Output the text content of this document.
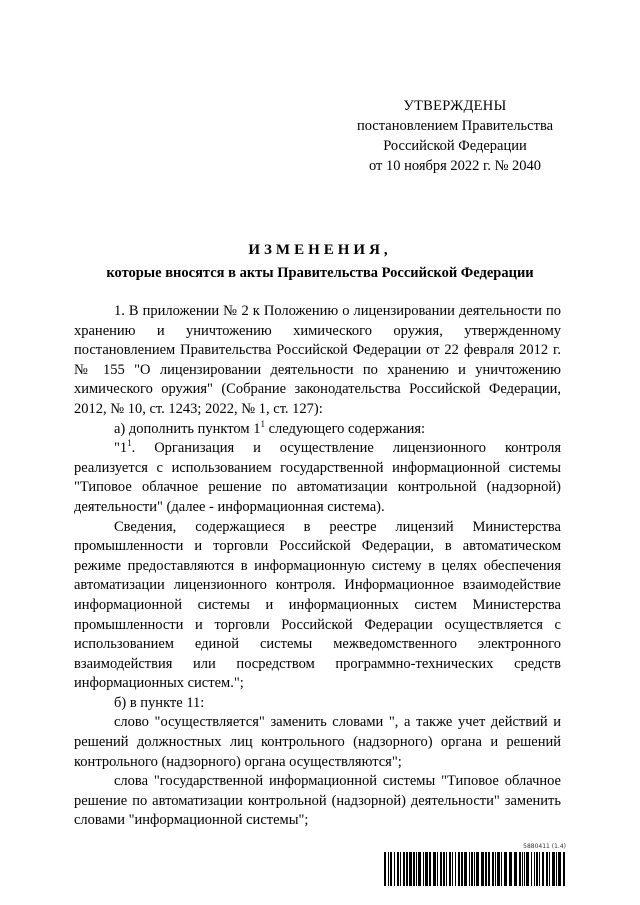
УТВЕРЖДЕНЫ
постановлением Правительства
Российской Федерации
от 10 ноября 2022 г. № 2040
ИЗМЕНЕНИЯ,
которые вносятся в акты Правительства Российской Федерации

1. В приложении № 2 к Положению о лицензировании деятельности по хранению и уничтожению химического оружия, утвержденному постановлением Правительства Российской Федерации от 22 февраля 2012 г. № 155 "О лицензировании деятельности по хранению и уничтожению химического оружия" (Собрание законодательства Российской Федерации, 2012, № 10, ст. 1243; 2022, № 1, ст. 127):

а) дополнить пунктом $1^1$ следующего содержания:

"$1^1$. Организация и осуществление лицензионного контроля реализуется с использованием государственной информационной системы "Типовое облачное решение по автоматизации контрольной (надзорной) деятельности" (далее - информационная система).

Сведения, содержащиеся в реестре лицензий Министерства промышленности и торговли Российской Федерации, в автоматическом режиме предоставляются в информационную систему в целях обеспечения автоматизации лицензионного контроля. Информационное взаимодействие информационной системы и информационных систем Министерства промышленности и торговли Российской Федерации осуществляется с использованием единой системы межведомственного электронного взаимодействия или посредством программно-технических средств информационных систем.";

б) в пункте 11:

слово "осуществляется" заменить словами ", а также учет действий и решений должностных лиц контрольного (надзорного) органа и решений контрольного (надзорного) органа осуществляются";

слова "государственной информационной системы "Типовое облачное решение по автоматизации контрольной (надзорной) деятельности" заменить словами "информационной системы";

5880411 (1.4)
